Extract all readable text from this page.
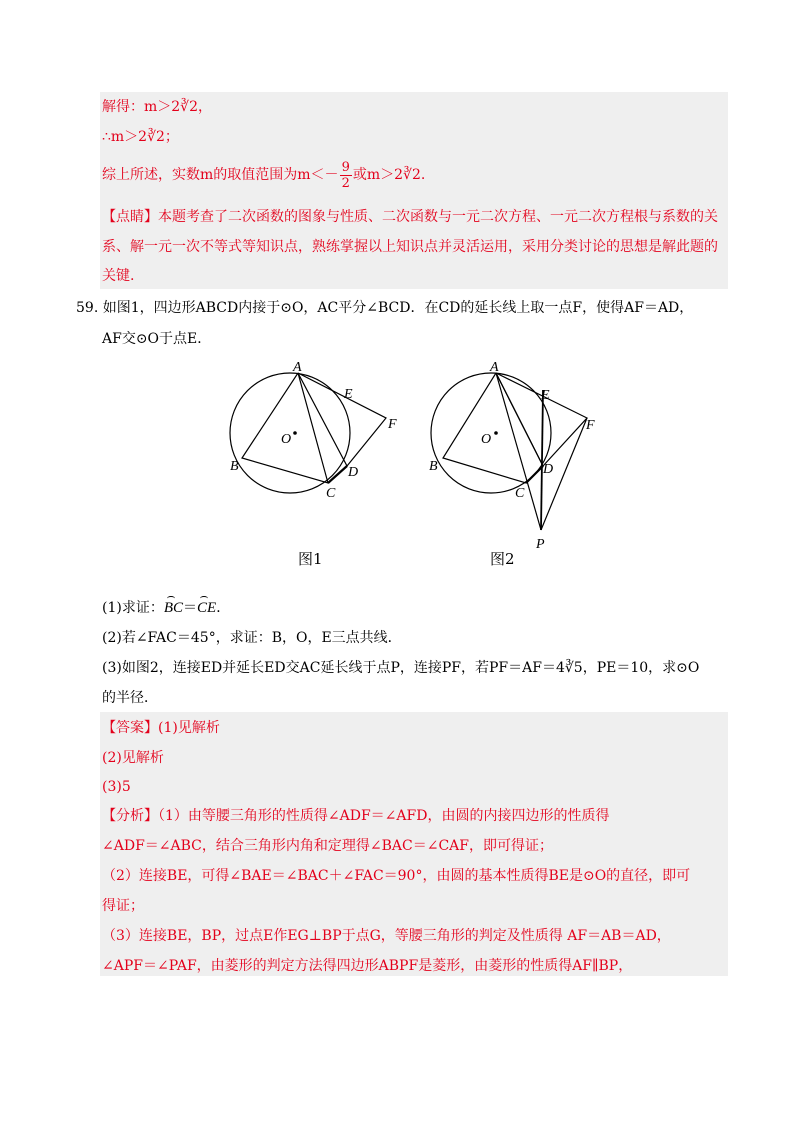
解得：m＞2∛2，
∴m＞2∛2；
综上所述，实数m的取值范围为$m<- \frac{9}{2}$ 或m＞2∛2.
【点睛】本题考查了二次函数的图象与性质、二次函数与一元二次方程、一元二次方程根与系数的关
系、解一元一次不等式等知识点，熟练掌握以上知识点并灵活运用，采用分类讨论的思想是解此题的
关键.
59. 如图1，四边形ABCD内接于⊙O，AC平分∠BCD．在CD的延长线上取一点F，使得AF＝AD，
AF交⊙O于点E．
A
E
F
O
B	D
C
图1
A
E
F
O
B	D
C
P
图2
(1)求证：BC＝CE．
(2)若∠FAC＝45°，求证：B，O，E三点共线．
(3)如图2，连接ED并延长ED交AC延长线于点P，连接PF，若PF＝AF＝4∛5，PE＝10，求⊙O
的半径．
【答案】(1)见解析
(2)见解析
(3)5
【分析】（1）由等腰三角形的性质得∠ADF＝∠AFD，由圆的内接四边形的性质得
∠ADF＝∠ABC，结合三角形内角和定理得∠BAC＝∠CAF，即可得证；
（2）连接BE，可得∠BAE＝∠BAC＋∠FAC＝90°，由圆的基本性质得BE是⊙O的直径，即可
得证；
（3）连接BE，BP，过点E作EG⊥BP于点G，等腰三角形的判定及性质得 AF＝AB＝AD，
∠APF＝∠PAF，由菱形的判定方法得四边形ABPF是菱形，由菱形的性质得AF∥BP，
